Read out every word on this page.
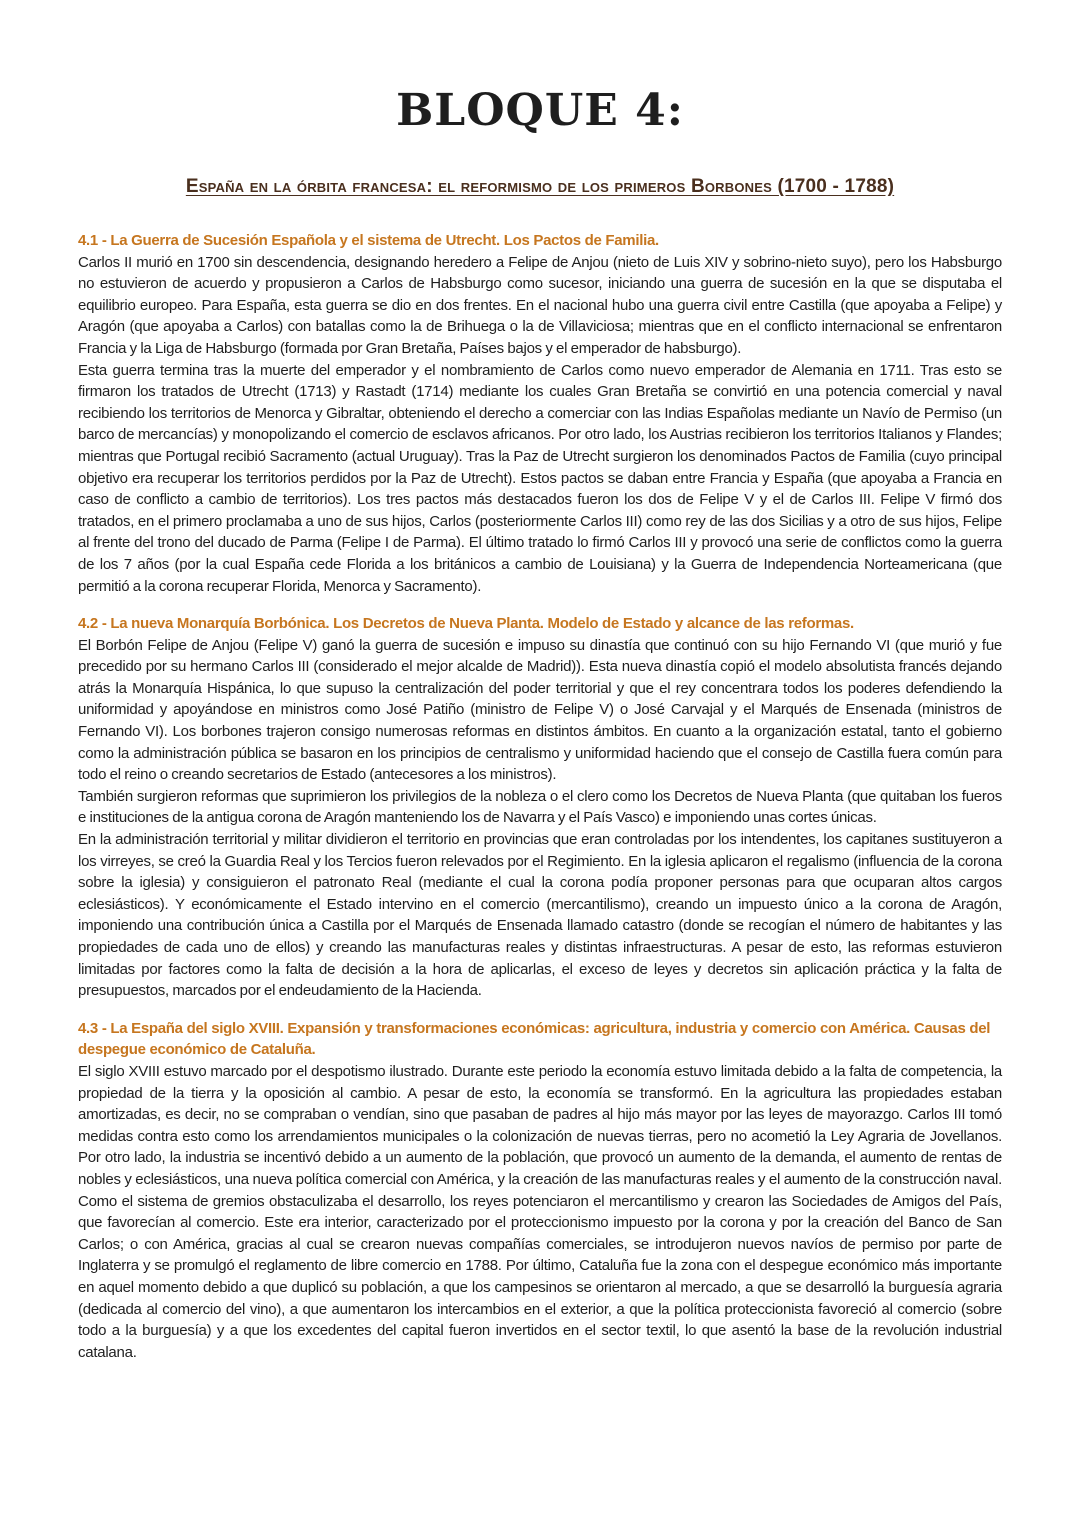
BLOQUE 4:
España en la órbita francesa: el reformismo de los primeros Borbones (1700 - 1788)
4.1 - La Guerra de Sucesión Española y el sistema de Utrecht. Los Pactos de Familia.

Carlos II murió en 1700 sin descendencia, designando heredero a Felipe de Anjou (nieto de Luis XIV y sobrino-nieto suyo), pero los Habsburgo no estuvieron de acuerdo y propusieron a Carlos de Habsburgo como sucesor, iniciando una guerra de sucesión en la que se disputaba el equilibrio europeo. Para España, esta guerra se dio en dos frentes. En el nacional hubo una guerra civil entre Castilla (que apoyaba a Felipe) y Aragón (que apoyaba a Carlos) con batallas como la de Brihuega o la de Villaviciosa; mientras que en el conflicto internacional se enfrentaron Francia y la Liga de Habsburgo (formada por Gran Bretaña, Países bajos y el emperador de habsburgo).

Esta guerra termina tras la muerte del emperador y el nombramiento de Carlos como nuevo emperador de Alemania en 1711. Tras esto se firmaron los tratados de Utrecht (1713) y Rastadt (1714) mediante los cuales Gran Bretaña se convirtió en una potencia comercial y naval recibiendo los territorios de Menorca y Gibraltar, obteniendo el derecho a comerciar con las Indias Españolas mediante un Navío de Permiso (un barco de mercancías) y monopolizando el comercio de esclavos africanos. Por otro lado, los Austrias recibieron los territorios Italianos y Flandes; mientras que Portugal recibió Sacramento (actual Uruguay). Tras la Paz de Utrecht surgieron los denominados Pactos de Familia (cuyo principal objetivo era recuperar los territorios perdidos por la Paz de Utrecht). Estos pactos se daban entre Francia y España (que apoyaba a Francia en caso de conflicto a cambio de territorios). Los tres pactos más destacados fueron los dos de Felipe V y el de Carlos III. Felipe V firmó dos tratados, en el primero proclamaba a uno de sus hijos, Carlos (posteriormente Carlos III) como rey de las dos Sicilias y a otro de sus hijos, Felipe al frente del trono del ducado de Parma (Felipe I de Parma). El último tratado lo firmó Carlos III y provocó una serie de conflictos como la guerra de los 7 años (por la cual España cede Florida a los británicos a cambio de Louisiana) y la Guerra de Independencia Norteamericana (que permitió a la corona recuperar Florida, Menorca y Sacramento).

4.2 - La nueva Monarquía Borbónica. Los Decretos de Nueva Planta. Modelo de Estado y alcance de las reformas.

El Borbón Felipe de Anjou (Felipe V) ganó la guerra de sucesión e impuso su dinastía que continuó con su hijo Fernando VI (que murió y fue precedido por su hermano Carlos III (considerado el mejor alcalde de Madrid)). Esta nueva dinastía copió el modelo absolutista francés dejando atrás la Monarquía Hispánica, lo que supuso la centralización del poder territorial y que el rey concentrara todos los poderes defendiendo la uniformidad y apoyándose en ministros como José Patiño (ministro de Felipe V) o José Carvajal y el Marqués de Ensenada (ministros de Fernando VI). Los borbones trajeron consigo numerosas reformas en distintos ámbitos. En cuanto a la organización estatal, tanto el gobierno como la administración pública se basaron en los principios de centralismo y uniformidad haciendo que el consejo de Castilla fuera común para todo el reino o creando secretarios de Estado (antecesores a los ministros).

También surgieron reformas que suprimieron los privilegios de la nobleza o el clero como los Decretos de Nueva Planta (que quitaban los fueros e instituciones de la antigua corona de Aragón manteniendo los de Navarra y el País Vasco) e imponiendo unas cortes únicas.

En la administración territorial y militar dividieron el territorio en provincias que eran controladas por los intendentes, los capitanes sustituyeron a los virreyes, se creó la Guardia Real y los Tercios fueron relevados por el Regimiento. En la iglesia aplicaron el regalismo (influencia de la corona sobre la iglesia) y consiguieron el patronato Real (mediante el cual la corona podía proponer personas para que ocuparan altos cargos eclesiásticos). Y económicamente el Estado intervino en el comercio (mercantilismo), creando un impuesto único a la corona de Aragón, imponiendo una contribución única a Castilla por el Marqués de Ensenada llamado catastro (donde se recogían el número de habitantes y las propiedades de cada uno de ellos) y creando las manufacturas reales y distintas infraestructuras. A pesar de esto, las reformas estuvieron limitadas por factores como la falta de decisión a la hora de aplicarlas, el exceso de leyes y decretos sin aplicación práctica y la falta de presupuestos, marcados por el endeudamiento de la Hacienda.

4.3 - La España del siglo XVIII. Expansión y transformaciones económicas: agricultura, industria y comercio con América. Causas del despegue económico de Cataluña.

El siglo XVIII estuvo marcado por el despotismo ilustrado. Durante este periodo la economía estuvo limitada debido a la falta de competencia, la propiedad de la tierra y la oposición al cambio. A pesar de esto, la economía se transformó. En la agricultura las propiedades estaban amortizadas, es decir, no se compraban o vendían, sino que pasaban de padres al hijo más mayor por las leyes de mayorazgo. Carlos III tomó medidas contra esto como los arrendamientos municipales o la colonización de nuevas tierras, pero no acometió la Ley Agraria de Jovellanos. Por otro lado, la industria se incentivó debido a un aumento de la población, que provocó un aumento de la demanda, el aumento de rentas de nobles y eclesiásticos, una nueva política comercial con América, y la creación de las manufacturas reales y el aumento de la construcción naval. Como el sistema de gremios obstaculizaba el desarrollo, los reyes potenciaron el mercantilismo y crearon las Sociedades de Amigos del País, que favorecían al comercio. Este era interior, caracterizado por el proteccionismo impuesto por la corona y por la creación del Banco de San Carlos; o con América, gracias al cual se crearon nuevas compañías comerciales, se introdujeron nuevos navíos de permiso por parte de Inglaterra y se promulgó el reglamento de libre comercio en 1788. Por último, Cataluña fue la zona con el despegue económico más importante en aquel momento debido a que duplicó su población, a que los campesinos se orientaron al mercado, a que se desarrolló la burguesía agraria (dedicada al comercio del vino), a que aumentaron los intercambios en el exterior, a que la política proteccionista favoreció al comercio (sobre todo a la burguesía) y a que los excedentes del capital fueron invertidos en el sector textil, lo que asentó la base de la revolución industrial catalana.
